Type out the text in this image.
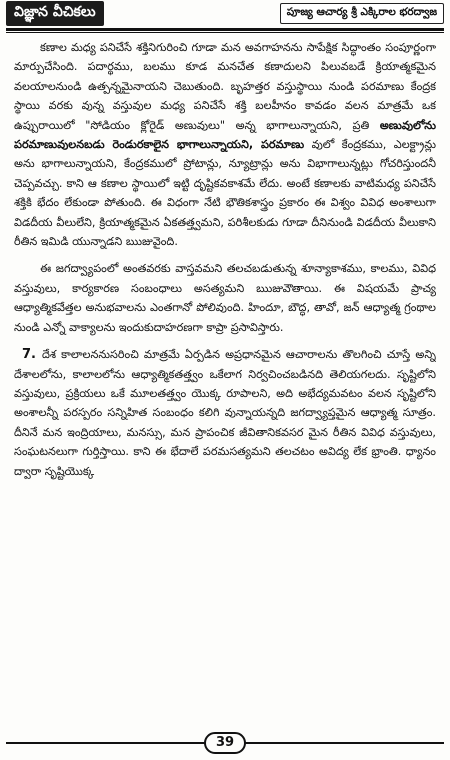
విజ్ఞాన వీచికలు	పూజ్య ఆచార్య శ్రీ ఎక్కిరాల భరద్వాజ

కణాల మధ్య పనిచేసే శక్తినిగురించి గూడా మన అవగాహనను సాపేక్షిక సిద్ధాంతం సంపూర్ణంగా మార్పుచేసింది. పదార్థము, బలము కూడ మనచేత కణాదులని పిలువబడే క్రియాత్మకమైన వలయాలనుండి ఉత్పన్నమైనాయని చెబుతుంది. బృహత్తర వస్తుస్థాయి నుండి పరమాణు కేంద్రక స్థాయి వరకు వున్న వస్తువుల మధ్య పనిచేసే శక్తి బలహీనం కావడం వలన మాత్రమే ఒక ఉప్పురాయిలో "సోడియం క్లోరైడ్ అణువులు" అన్న భాగాలున్నాయని, ప్రతి అణువులోను పరమాణువులనబడు రెండురకాలైన భాగాలున్నాయని, పరమాణు వులో కేంద్రకము, ఎలక్ట్రాన్లు అను భాగాలున్నాయని, కేంద్రకములో ప్రోటాన్లు, న్యూట్రాన్లు అను విభాగాలున్నట్లు గోచరిస్తుందనీ చెప్పవచ్చు. కాని ఆ కణాల స్థాయిలో ఇట్టి దృష్టికవకాశమే లేదు. అంటే కణాలకు వాటిమధ్య పనిచేసే శక్తికి భేదం లేకుండా పోతుంది. ఈ విధంగా నేటి భౌతికశాస్త్రం ప్రకారం ఈ విశ్వం వివిధ అంశాలుగా విడదీయ వీలులేని, క్రియాత్మకమైన ఏకతత్త్వమని, పరిశీలకుడు గూడా దీనినుండి విడదీయ వీలుకాని రీతిన ఇమిడి యున్నాడని ఋజువైంది.

ఈ జగద్వ్యాపంలో అంతవరకు వాస్తవమని తలచబడుతున్న శూన్యాకాశము, కాలము, వివిధ వస్తువులు, కార్యకారణ సంబంధాలు అసత్యమని ఋజువౌతాయి. ఈ విషయమే ప్రాచ్య ఆధ్యాత్మికవేత్తల అనుభవాలను ఎంతగానో పోలివుంది. హిందూ, బౌద్ధ, తావో, జన్ ఆధ్యాత్మ గ్రంథాల నుండి ఎన్నో వాక్యాలను ఇందుకుదాహరణగా కాప్రా ప్రసావిస్తారు.

7. దేశ కాలాలననుసరించి మాత్రమే ఏర్పడిన అప్రధానమైన ఆచారాలను తొలగించి చూస్తే అన్ని దేశాలలోను, కాలాలలోను ఆధ్యాత్మికతత్త్వం ఒకేలాగ నిర్వచించబడినది తెలియగలదు. సృష్టిలోని వస్తువులు, ప్రక్రియలు ఒకే మూలతత్త్వం యొక్క రూపాలని, అది అభేద్యమవటం వలన సృష్టిలోని అంశాలన్నీ పరస్పరం సన్నిహిత సంబంధం కలిగి వున్నాయన్నది జగద్వ్యాప్తమైన ఆధ్యాత్మ సూత్రం. దీనినే మన ఇంద్రియాలు, మనస్సు, మన ప్రాపంచిక జీవితానికవసర మైన రీతిన వివిధ వస్తువులు, సంఘటనలుగా గుర్తిస్తాయి. కాని ఈ భేదాలే పరమసత్యమని తలచటం అవిద్య లేక భ్రాంతి. ధ్యానం ద్వారా సృష్టియొక్క

39
